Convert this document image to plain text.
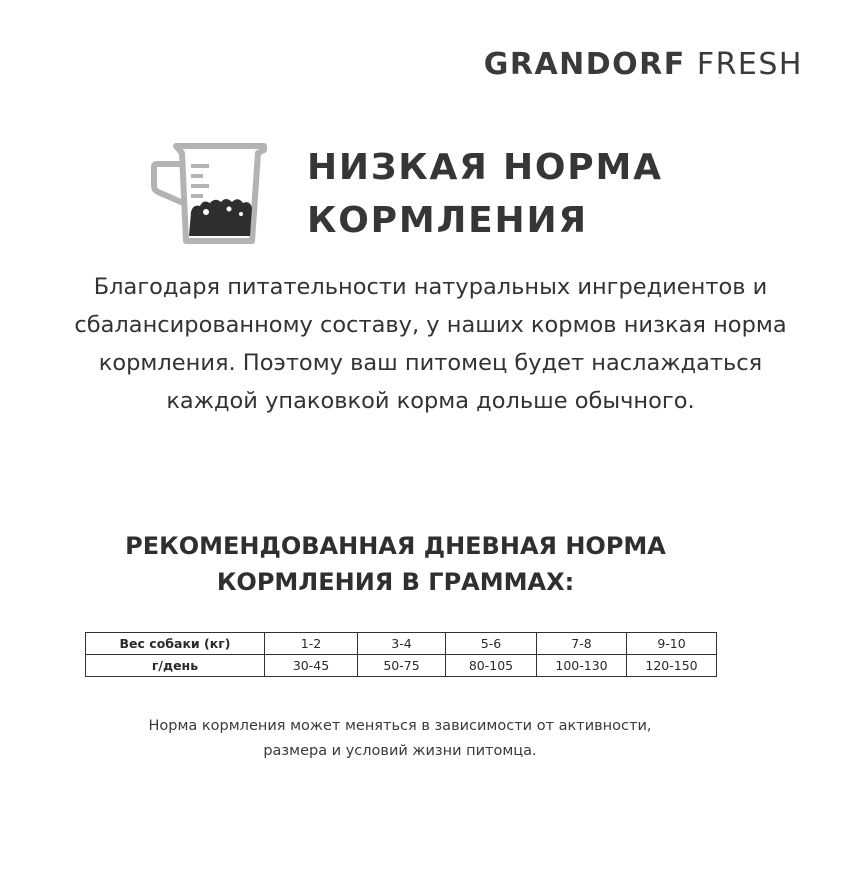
GRANDORF FRESH
НИЗКАЯ НОРМА
КОРМЛЕНИЯ
Благодаря питательности натуральных ингредиентов и
сбалансированному составу, у наших кормов низкая норма
кормления. Поэтому ваш питомец будет наслаждаться
каждой упаковкой корма дольше обычного.
РЕКОМЕНДОВАННАЯ ДНЕВНАЯ НОРМА
КОРМЛЕНИЯ В ГРАММАХ:
Вес собаки (кг)	1-2	3-4	5-6	7-8	9-10
г/день	30-45	50-75	80-105	100-130	120-150
Норма кормления может меняться в зависимости от активности,
размера и условий жизни питомца.
